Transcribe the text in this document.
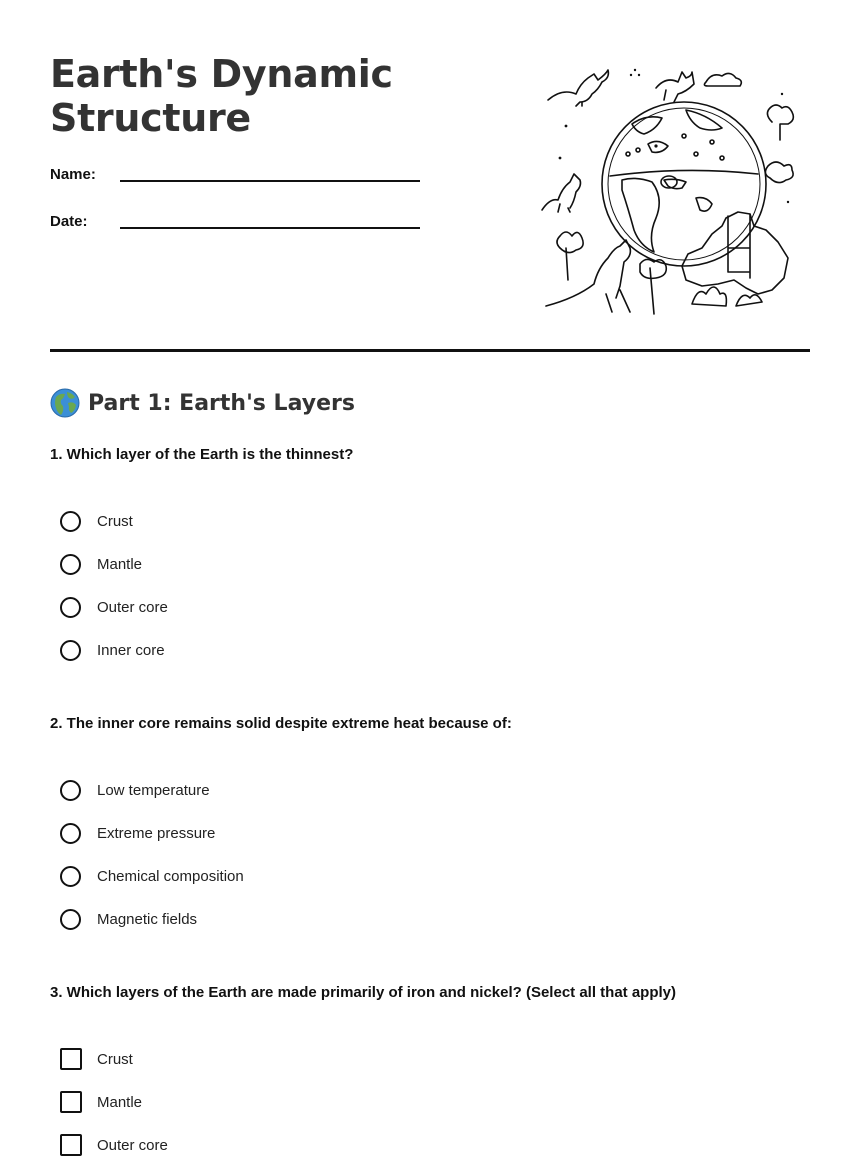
Earth's Dynamic Structure
Name:
Date:
Part 1: Earth's Layers

1. Which layer of the Earth is the thinnest?

Crust
Mantle
Outer core
Inner core

2. The inner core remains solid despite extreme heat because of:

Low temperature
Extreme pressure
Chemical composition
Magnetic fields

3. Which layers of the Earth are made primarily of iron and nickel? (Select all that apply)

Crust
Mantle
Outer core
